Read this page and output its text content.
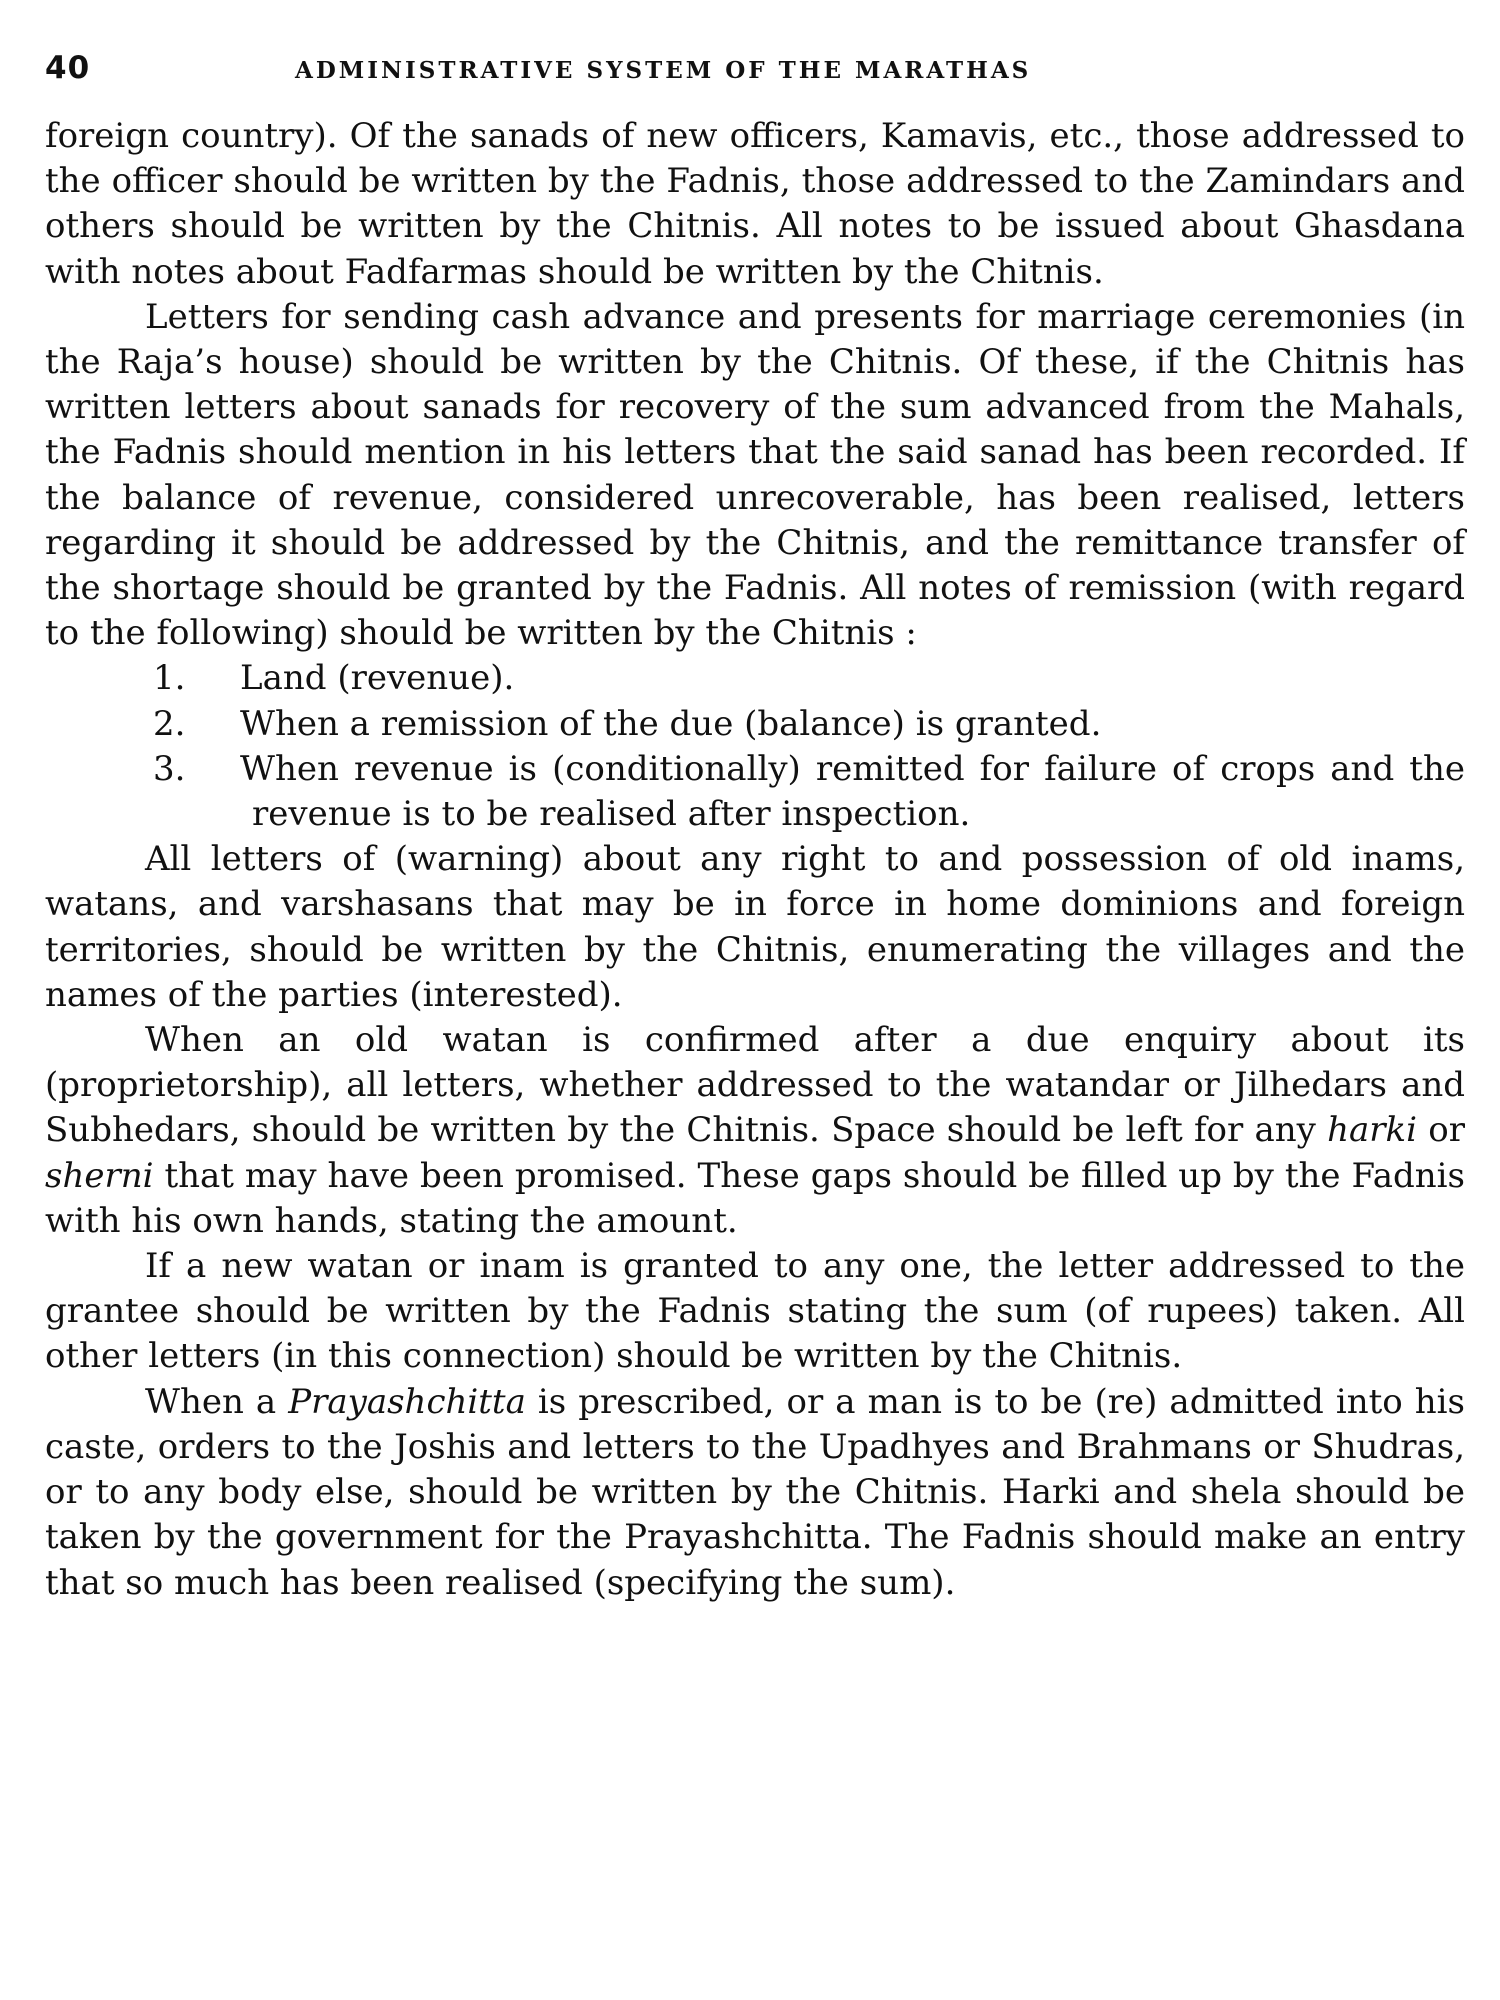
40	ADMINISTRATIVE SYSTEM OF THE MARATHAS

foreign country). Of the sanads of new officers, Kamavis, etc., those addressed to the officer should be written by the Fadnis, those addressed to the Zamindars and others should be written by the Chitnis. All notes to be issued about Ghasdana with notes about Fadfarmas should be written by the Chitnis.

Letters for sending cash advance and presents for marriage ceremonies (in the Raja’s house) should be written by the Chitnis. Of these, if the Chitnis has written letters about sanads for recovery of the sum advanced from the Mahals, the Fadnis should mention in his letters that the said sanad has been recorded. If the balance of revenue, considered unrecoverable, has been realised, letters regarding it should be addressed by the Chitnis, and the remittance transfer of the shortage should be granted by the Fadnis. All notes of remission (with regard to the following) should be written by the Chitnis :

1.	Land (revenue).
2.	When a remission of the due (balance) is granted.
3.	When revenue is (conditionally) remitted for failure of crops and the revenue is to be realised after inspection.

All letters of (warning) about any right to and possession of old inams, watans, and varshasans that may be in force in home dominions and foreign territories, should be written by the Chitnis, enumerating the villages and the names of the parties (interested).

When an old watan is confirmed after a due enquiry about its (proprietorship), all letters, whether addressed to the watandar or Jilhedars and Subhedars, should be written by the Chitnis. Space should be left for any harki or sherni that may have been promised. These gaps should be filled up by the Fadnis with his own hands, stating the amount.

If a new watan or inam is granted to any one, the letter addressed to the grantee should be written by the Fadnis stating the sum (of rupees) taken. All other letters (in this connection) should be written by the Chitnis.

When a Prayashchitta is prescribed, or a man is to be (re) admitted into his caste, orders to the Joshis and letters to the Upadhyes and Brahmans or Shudras, or to any body else, should be written by the Chitnis. Harki and shela should be taken by the government for the Prayashchitta. The Fadnis should make an entry that so much has been realised (specifying the sum).
